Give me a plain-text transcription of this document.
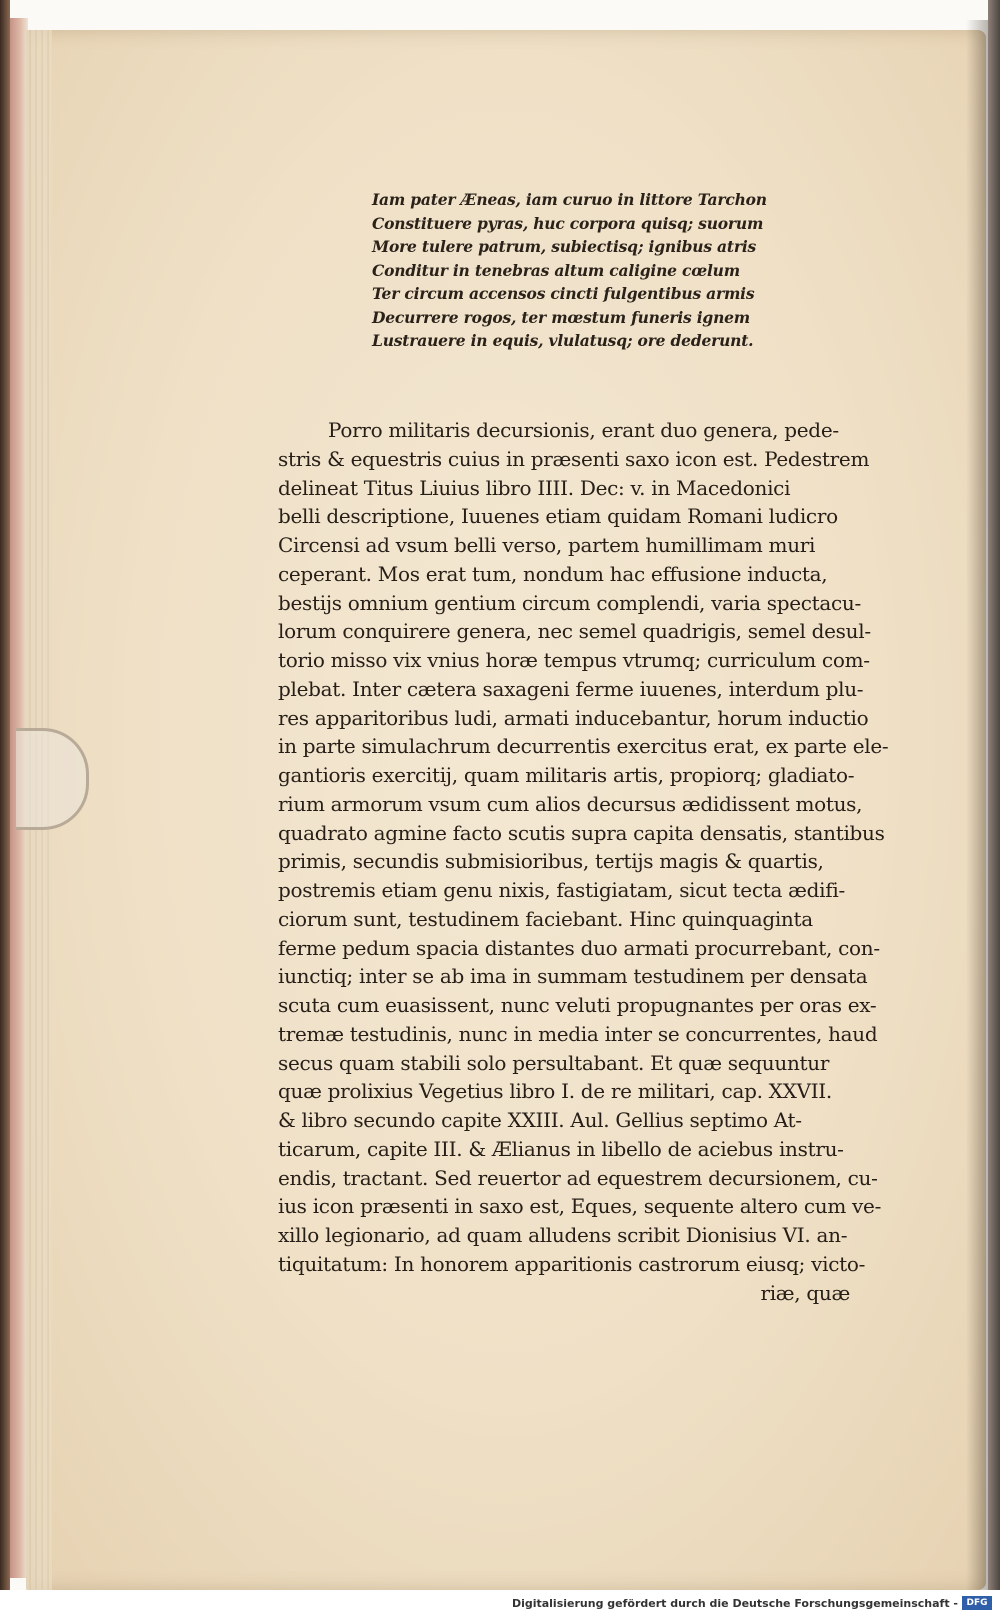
Iam pater Æneas, iam curuo in littore Tarchon
Constituere pyras, huc corpora quisq; suorum
More tulere patrum, subiectisq; ignibus atris
Conditur in tenebras altum caligine cœlum
Ter circum accensos cincti fulgentibus armis
Decurrere rogos, ter mœstum funeris ignem
Lustrauere in equis, vlulatusq; ore dederunt.
Porro militaris decursionis, erant duo genera, pede-
stris & equestris cuius in præsenti saxo icon est. Pedestrem
delineat Titus Liuius libro IIII. Dec: v. in Macedonici
belli descriptione, Iuuenes etiam quidam Romani ludicro
Circensi ad vsum belli verso, partem humillimam muri
ceperant. Mos erat tum, nondum hac effusione inducta,
bestijs omnium gentium circum complendi, varia spectacu-
lorum conquirere genera, nec semel quadrigis, semel desul-
torio misso vix vnius horæ tempus vtrumq; curriculum com-
plebat. Inter cætera saxageni ferme iuuenes, interdum plu-
res apparitoribus ludi, armati inducebantur, horum inductio
in parte simulachrum decurrentis exercitus erat, ex parte ele-
gantioris exercitij, quam militaris artis, propiorq; gladiato-
rium armorum vsum cum alios decursus ædidissent motus,
quadrato agmine facto scutis supra capita densatis, stantibus
primis, secundis submisioribus, tertijs magis & quartis,
postremis etiam genu nixis, fastigiatam, sicut tecta ædifi-
ciorum sunt, testudinem faciebant. Hinc quinquaginta
ferme pedum spacia distantes duo armati procurrebant, con-
iunctiq; inter se ab ima in summam testudinem per densata
scuta cum euasissent, nunc veluti propugnantes per oras ex-
tremæ testudinis, nunc in media inter se concurrentes, haud
secus quam stabili solo persultabant. Et quæ sequuntur
quæ prolixius Vegetius libro I. de re militari, cap. XXVII.
& libro secundo capite XXIII. Aul. Gellius septimo At-
ticarum, capite III. & Ælianus in libello de aciebus instru-
endis, tractant. Sed reuertor ad equestrem decursionem, cu-
ius icon præsenti in saxo est, Eques, sequente altero cum ve-
xillo legionario, ad quam alludens scribit Dionisius VI. an-
tiquitatum: In honorem apparitionis castrorum eiusq; victo-
riæ, quæ
Digitalisierung gefördert durch die Deutsche Forschungsgemeinschaft - DFG
